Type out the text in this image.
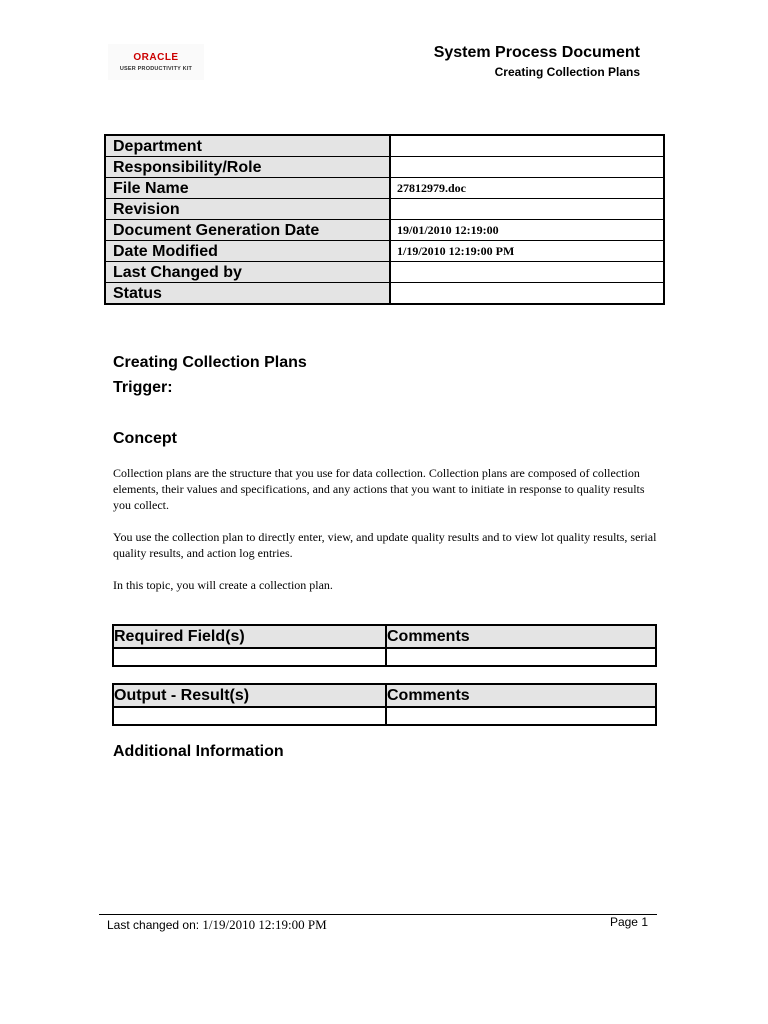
ORACLE
USER PRODUCTIVITY KIT
System Process Document
Creating Collection Plans
Department	
Responsibility/Role	
File Name	27812979.doc
Revision	
Document Generation Date	19/01/2010 12:19:00
Date Modified	1/19/2010 12:19:00 PM
Last Changed by	
Status	
Creating Collection Plans
Trigger:
Concept

Collection plans are the structure that you use for data collection. Collection plans are composed of collection elements, their values and specifications, and any actions that you want to initiate in response to quality results you collect.

You use the collection plan to directly enter, view, and update quality results and to view lot quality results, serial quality results, and action log entries.

In this topic, you will create a collection plan.

Required Field(s)	Comments

Output - Result(s)	Comments

Additional Information
Last changed on: 1/19/2010 12:19:00 PM	Page 1
